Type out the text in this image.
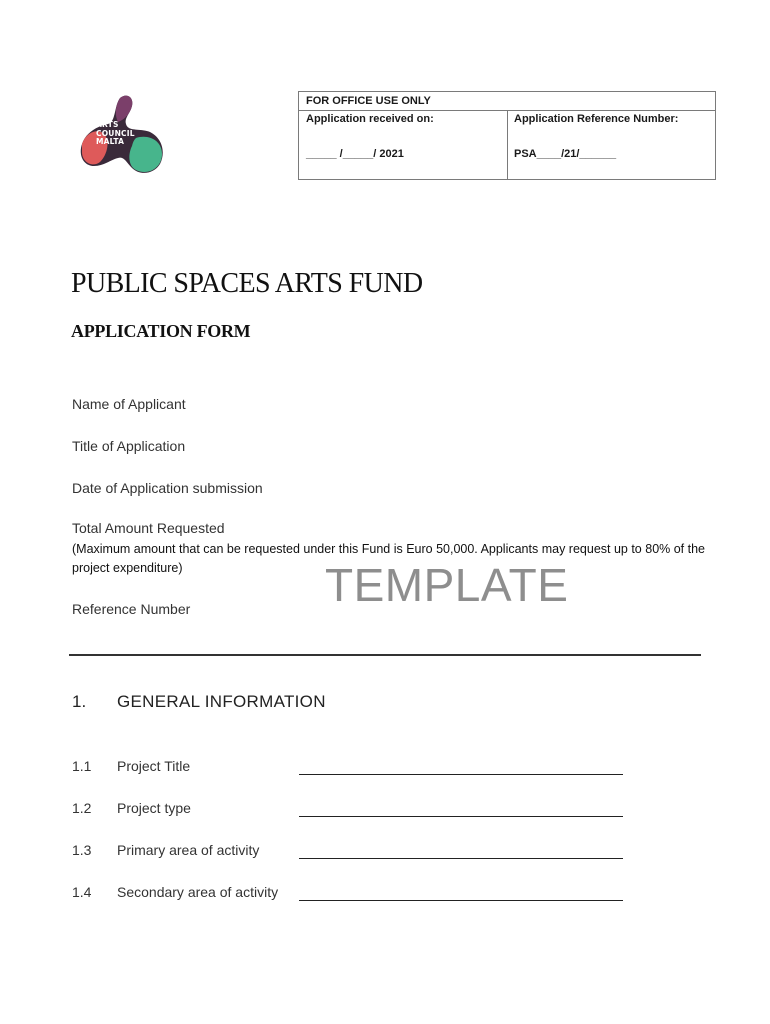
ARTS
COUNCIL
MALTA
FOR OFFICE USE ONLY
Application received on:	Application Reference Number:
_____ /_____/ 2021	PSA____/21/______
PUBLIC SPACES ARTS FUND
APPLICATION FORM
Name of Applicant
Title of Application
Date of Application submission
Total Amount Requested
(Maximum amount that can be requested under this Fund is Euro 50,000. Applicants may request up to 80% of the project expenditure)
Reference Number	TEMPLATE
1. GENERAL INFORMATION
1.1 Project Title
1.2 Project type
1.3 Primary area of activity
1.4 Secondary area of activity
